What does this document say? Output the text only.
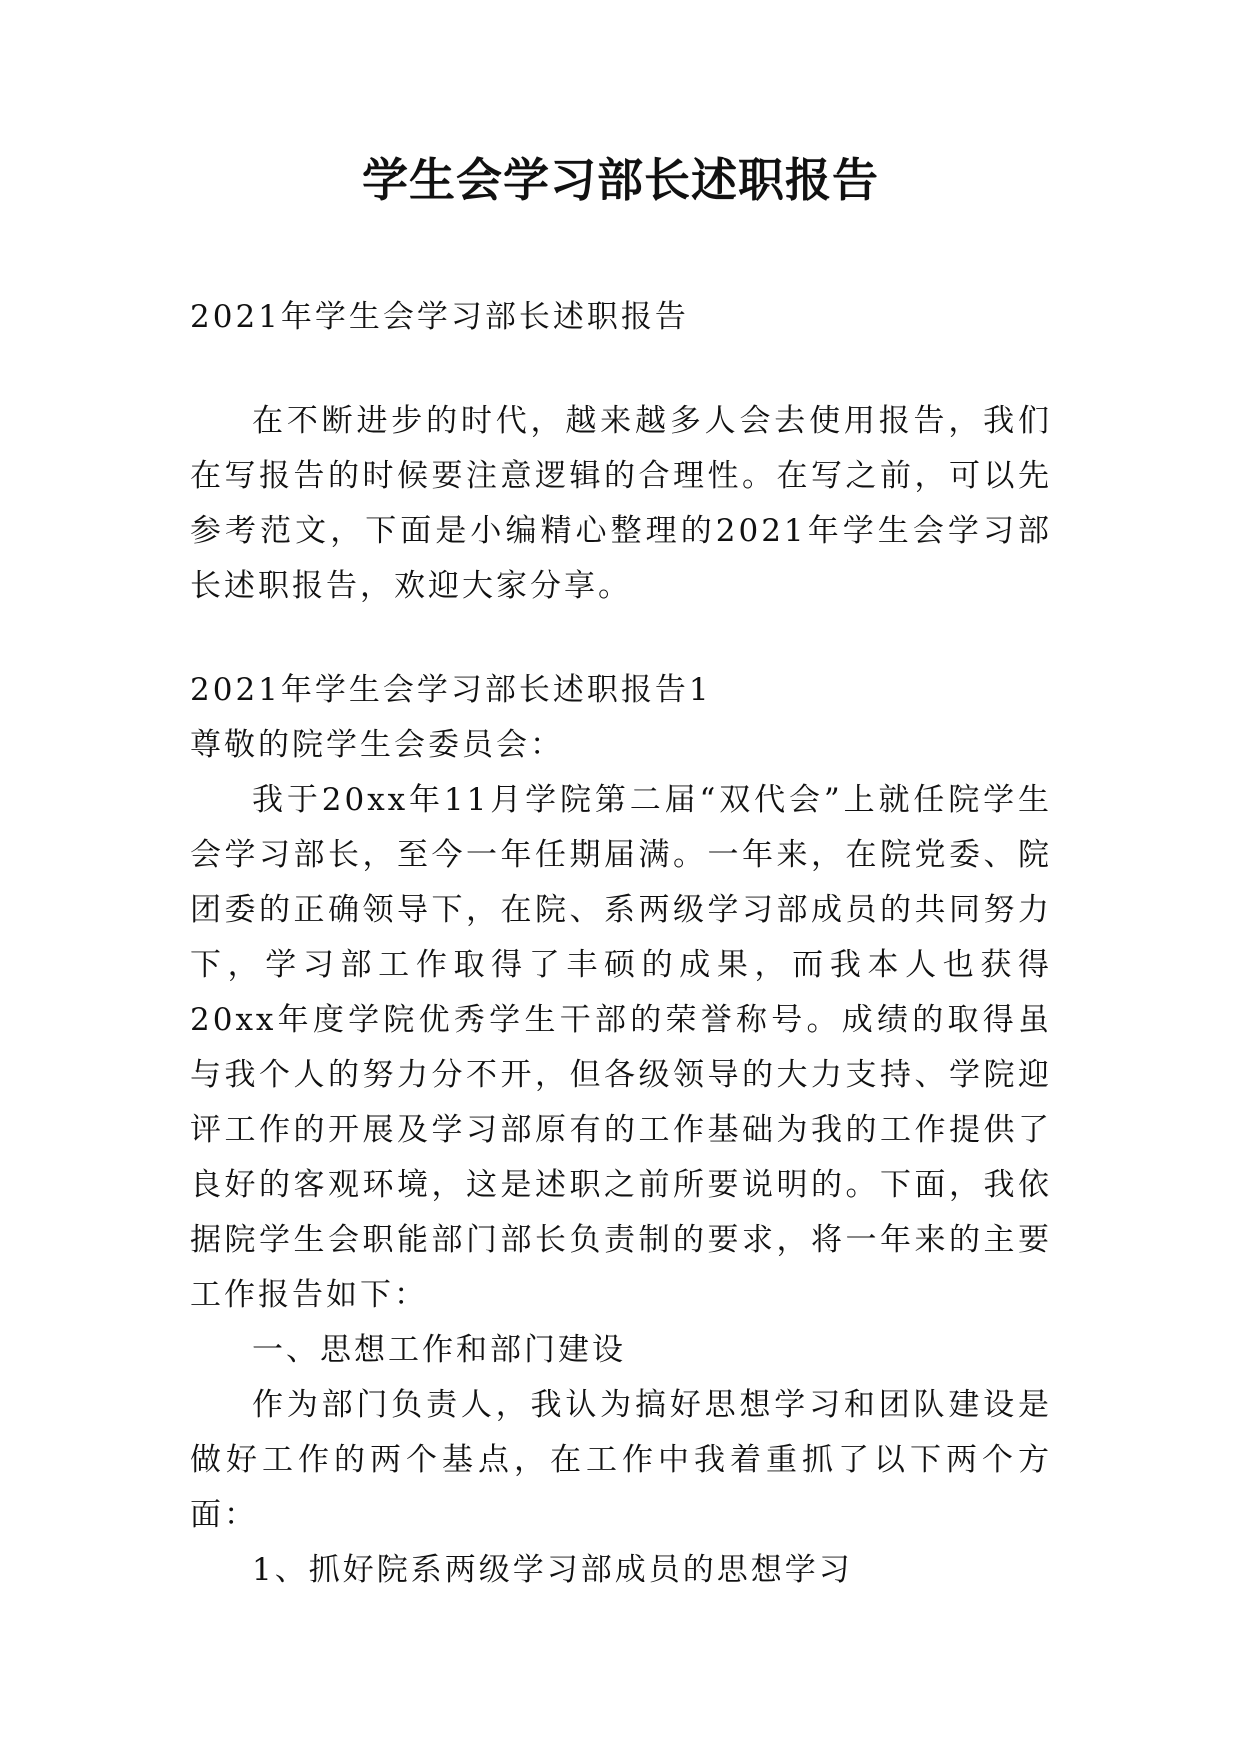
学生会学习部长述职报告

2021年学生会学习部长述职报告

在不断进步的时代，越来越多人会去使用报告，我们在写报告的时候要注意逻辑的合理性。在写之前，可以先参考范文，下面是小编精心整理的2021年学生会学习部长述职报告，欢迎大家分享。

2021年学生会学习部长述职报告1

尊敬的院学生会委员会：

我于20xx年11月学院第二届“双代会”上就任院学生会学习部长，至今一年任期届满。一年来，在院党委、院团委的正确领导下，在院、系两级学习部成员的共同努力下，学习部工作取得了丰硕的成果，而我本人也获得20xx年度学院优秀学生干部的荣誉称号。成绩的取得虽与我个人的努力分不开，但各级领导的大力支持、学院迎评工作的开展及学习部原有的工作基础为我的工作提供了良好的客观环境，这是述职之前所要说明的。下面，我依据院学生会职能部门部长负责制的要求，将一年来的主要工作报告如下：

一、思想工作和部门建设

作为部门负责人，我认为搞好思想学习和团队建设是做好工作的两个基点，在工作中我着重抓了以下两个方面：

1、抓好院系两级学习部成员的思想学习
